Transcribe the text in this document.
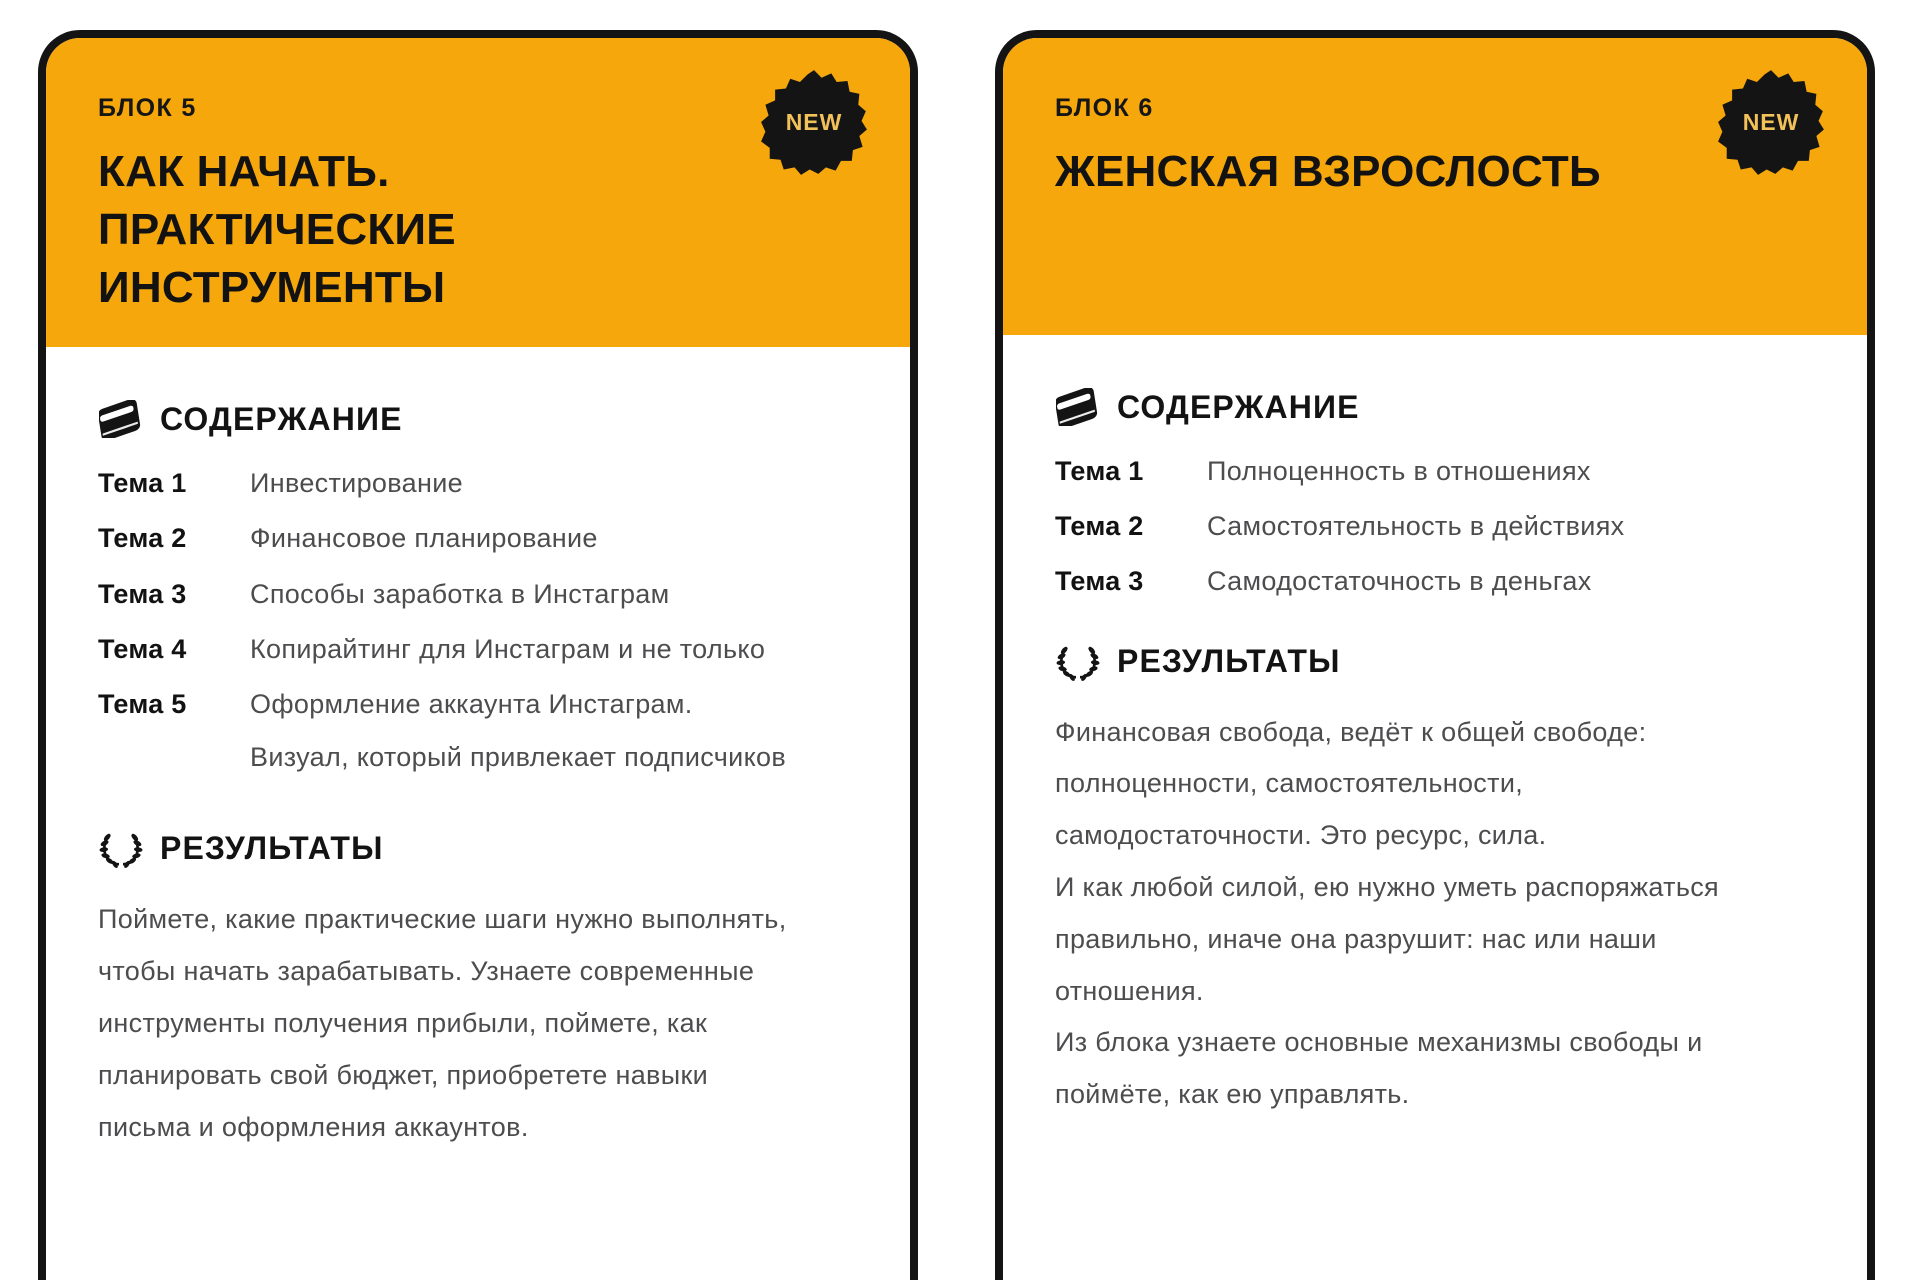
NEW

БЛОК 5

КАК НАЧАТЬ. ПРАКТИЧЕСКИЕ ИНСТРУМЕНТЫ
СОДЕРЖАНИЕ
Тема 1	Инвестирование
Тема 2	Финансовое планирование
Тема 3	Способы заработка в Инстаграм
Тема 4	Копирайтинг для Инстаграм и не только
Тема 5	Оформление аккаунта Инстаграм.
Визуал, который привлекает подписчиков
РЕЗУЛЬТАТЫ

Поймете, какие практические шаги нужно выполнять,
чтобы начать зарабатывать. Узнаете современные
инструменты получения прибыли, поймете, как
планировать свой бюджет, приобретете навыки
письма и оформления аккаунтов.

NEW

БЛОК 6

ЖЕНСКАЯ ВЗРОСЛОСТЬ
СОДЕРЖАНИЕ
Тема 1	Полноценность в отношениях
Тема 2	Самостоятельность в действиях
Тема 3	Самодостаточность в деньгах
РЕЗУЛЬТАТЫ

Финансовая свобода, ведёт к общей свободе:
полноценности, самостоятельности,
самодостаточности. Это ресурс, сила.
И как любой силой, ею нужно уметь распоряжаться
правильно, иначе она разрушит: нас или наши
отношения.
Из блока узнаете основные механизмы свободы и
поймёте, как ею управлять.
